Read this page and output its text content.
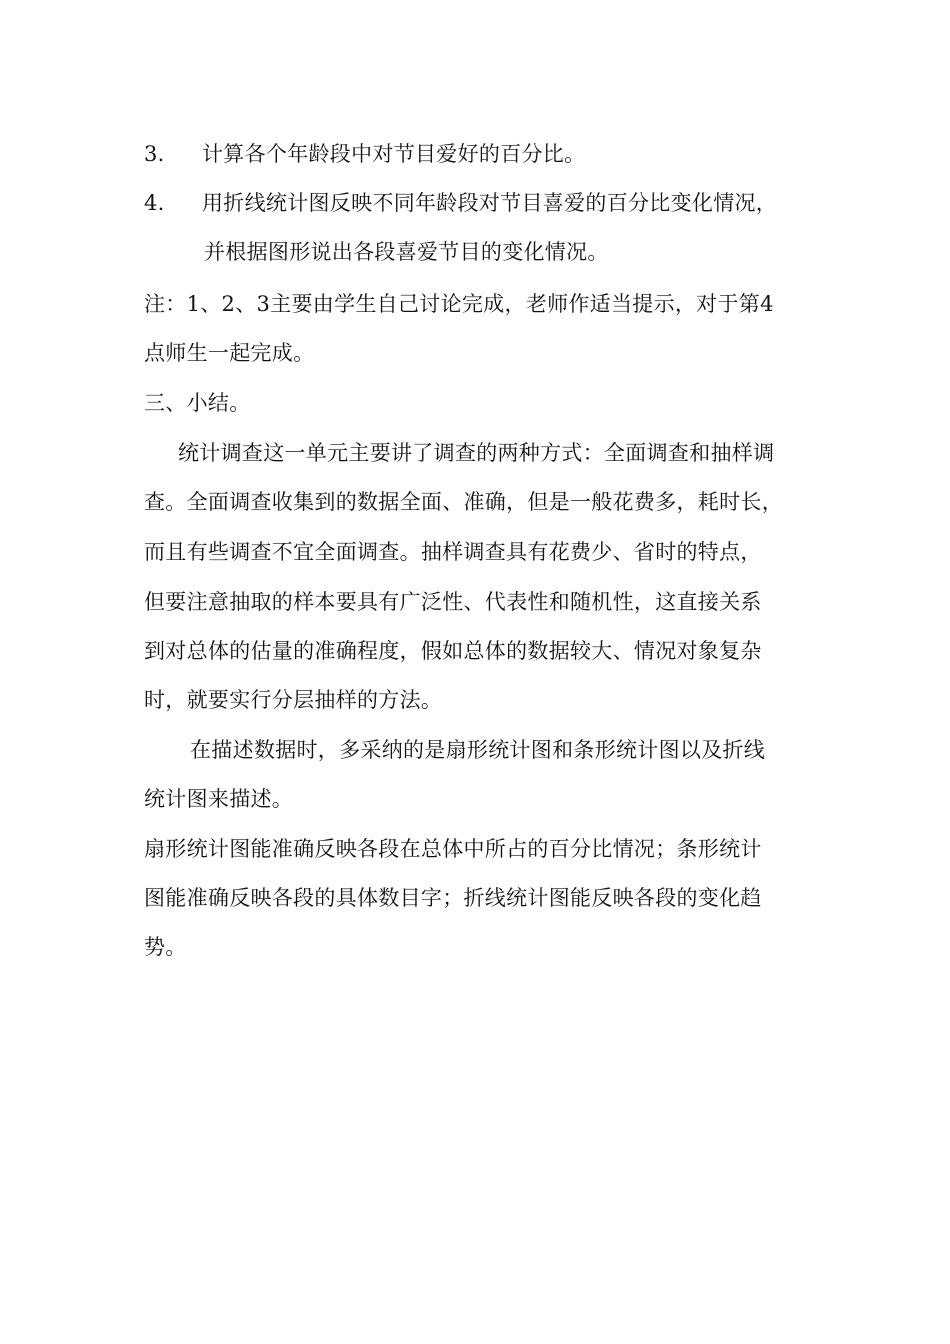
3. 计算各个年龄段中对节目爱好的百分比。
4. 用折线统计图反映不同年龄段对节目喜爱的百分比变化情况，
并根据图形说出各段喜爱节目的变化情况。
注：1、2、3主要由学生自己讨论完成，老师作适当提示，对于第4
点师生一起完成。
三、小结。
统计调查这一单元主要讲了调查的两种方式：全面调查和抽样调
查。全面调查收集到的数据全面、准确，但是一般花费多，耗时长，
而且有些调查不宜全面调查。抽样调查具有花费少、省时的特点，
但要注意抽取的样本要具有广泛性、代表性和随机性，这直接关系
到对总体的估量的准确程度，假如总体的数据较大、情况对象复杂
时，就要实行分层抽样的方法。
在描述数据时，多采纳的是扇形统计图和条形统计图以及折线
统计图来描述。
扇形统计图能准确反映各段在总体中所占的百分比情况；条形统计
图能准确反映各段的具体数目字；折线统计图能反映各段的变化趋
势。
